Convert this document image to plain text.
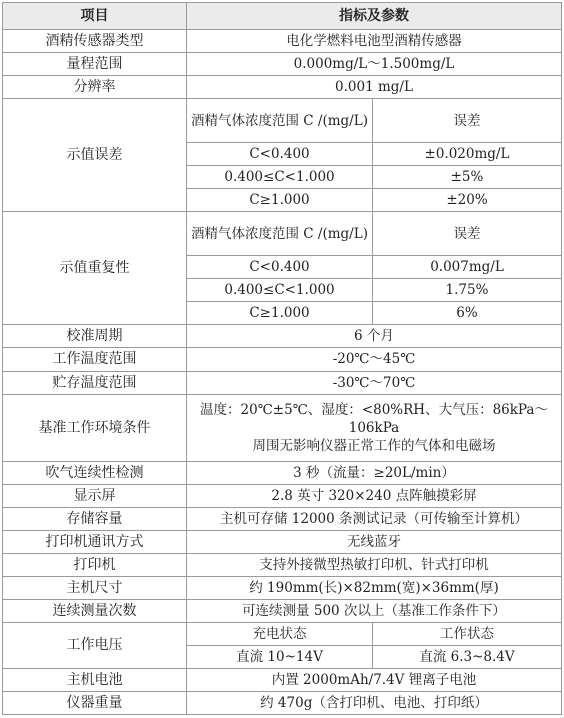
项目	指标及参数	
酒精传感器类型	电化学燃料电池型酒精传感器	
量程范围	0.000mg/L～1.500mg/L	
分辨率	0.001 mg/L	
示值误差	酒精气体浓度范围 C /(mg/L)	误差
	C<0.400	±0.020mg/L
	0.400≤C<1.000	±5%
	C≥1.000	±20%
示值重复性	酒精气体浓度范围 C /(mg/L)	误差
	C<0.400	0.007mg/L
	0.400≤C<1.000	1.75%
	C≥1.000	6%
校准周期	6 个月	
工作温度范围	-20℃～45℃	
贮存温度范围	-30℃～70℃	
基准工作环境条件	温度：20℃±5℃、湿度：<80%RH、大气压：86kPa～106kPa
周围无影响仪器正常工作的气体和电磁场	

吹气连续性检测	3 秒（流量：≥20L/min）	
显示屏	2.8 英寸 320×240 点阵触摸彩屏	
存储容量	主机可存储 12000 条测试记录（可传输至计算机）	
打印机通讯方式	无线蓝牙	
打印机	支持外接微型热敏打印机、针式打印机	
主机尺寸	约 190mm(长)×82mm(宽)×36mm(厚)	
连续测量次数	可连续测量 500 次以上（基准工作条件下）	
工作电压	充电状态	工作状态
	直流 10~14V	直流 6.3~8.4V
主机电池	内置 2000mAh/7.4V 锂离子电池	
仪器重量	约 470g（含打印机、电池、打印纸）	
